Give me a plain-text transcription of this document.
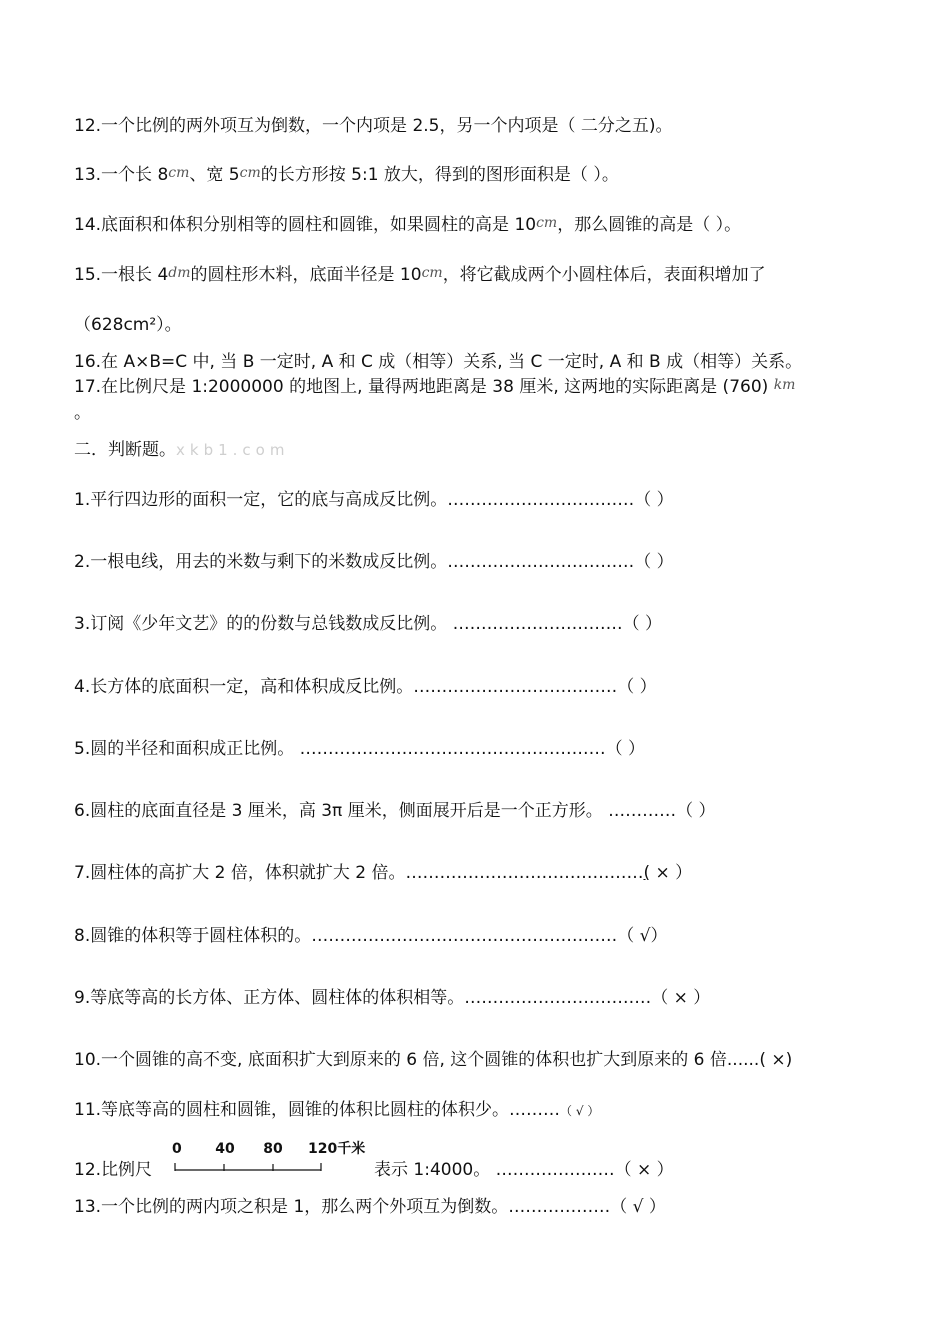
12.一个比例的两外项互为倒数，一个内项是 2.5，另一个内项是（ 二分之五)。
13.一个长 8cm、宽 5cm的长方形按 5:1 放大，得到的图形面积是（ ）。
14.底面积和体积分别相等的圆柱和圆锥，如果圆柱的高是 10cm，那么圆锥的高是（ ）。
15.一根长 4dm的圆柱形木料，底面半径是 10cm，将它截成两个小圆柱体后，表面积增加了
（628cm²）。
16.在 A×B=C 中, 当 B 一定时, A 和 C 成（相等）关系, 当 C 一定时, A 和 B 成（相等）关系。
17.在比例尺是 1:2000000 的地图上, 量得两地距离是 38 厘米, 这两地的实际距离是 (760) km
。
二．判断题。xkb1.com
1.平行四边形的面积一定，它的底与高成反比例。……………………………（ ）
2.一根电线，用去的米数与剩下的米数成反比例。……………………………（ ）
3.订阅《少年文艺》的的份数与总钱数成反比例。 …………………………（ ）
4.长方体的底面积一定，高和体积成反比例。………………………………（ ）
5.圆的半径和面积成正比例。 ………………………………………………（ ）
6.圆柱的底面直径是 3 厘米，高 3π 厘米，侧面展开后是一个正方形。 …………（ ）
7.圆柱体的高扩大 2 倍，体积就扩大 2 倍。……………………………………( × ）
8.圆锥的体积等于圆柱体积的。………………………………………………（ √）
9.等底等高的长方体、正方体、圆柱体的体积相等。……………………………（ × ）
10.一个圆锥的高不变, 底面积扩大到原来的 6 倍, 这个圆锥的体积也扩大到原来的 6 倍......( ×)
11.等底等高的圆柱和圆锥，圆锥的体积比圆柱的体积少。………（ √ ）
0 40 80 120千米
12.比例尺	表示 1:4000。 …………………（ × ）
13.一个比例的两内项之积是 1，那么两个外项互为倒数。………………（ √ ）
